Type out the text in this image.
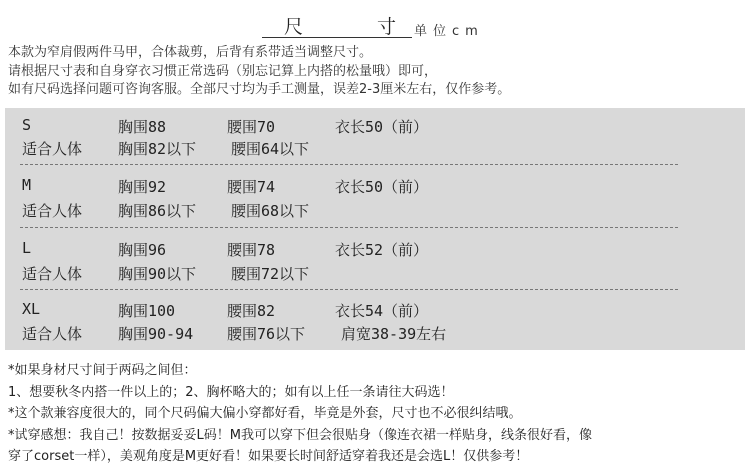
尺 寸
单位cm
本款为窄肩假两件马甲，合体裁剪，后背有系带适当调整尺寸。
请根据尺寸表和自身穿衣习惯正常选码（别忘记算上内搭的松量哦）即可，
如有尺码选择问题可咨询客服。全部尺寸均为手工测量，误差2-3厘米左右，仅作参考。
S	胸围88	腰围70	衣长50（前）
适合人体 胸围82以下 腰围64以下
M	胸围92	腰围74	衣长50（前）
适合人体 胸围86以下 腰围68以下
L	胸围96	腰围78	衣长52（前）
适合人体 胸围90以下 腰围72以下
XL	胸围100	腰围82	衣长54（前）
适合人体 胸围90-94 腰围76以下 肩宽38-39左右
*如果身材尺寸间于两码之间但：
1、想要秋冬内搭一件以上的；2、胸杯略大的；如有以上任一条请往大码选！
*这个款兼容度很大的，同个尺码偏大偏小穿都好看，毕竟是外套，尺寸也不必很纠结哦。
*试穿感想：我自己！按数据妥妥L码！M我可以穿下但会很贴身（像连衣裙一样贴身，线条很好看，像
穿了corset一样），美观角度是M更好看！如果要长时间舒适穿着我还是会选L！仅供参考！
